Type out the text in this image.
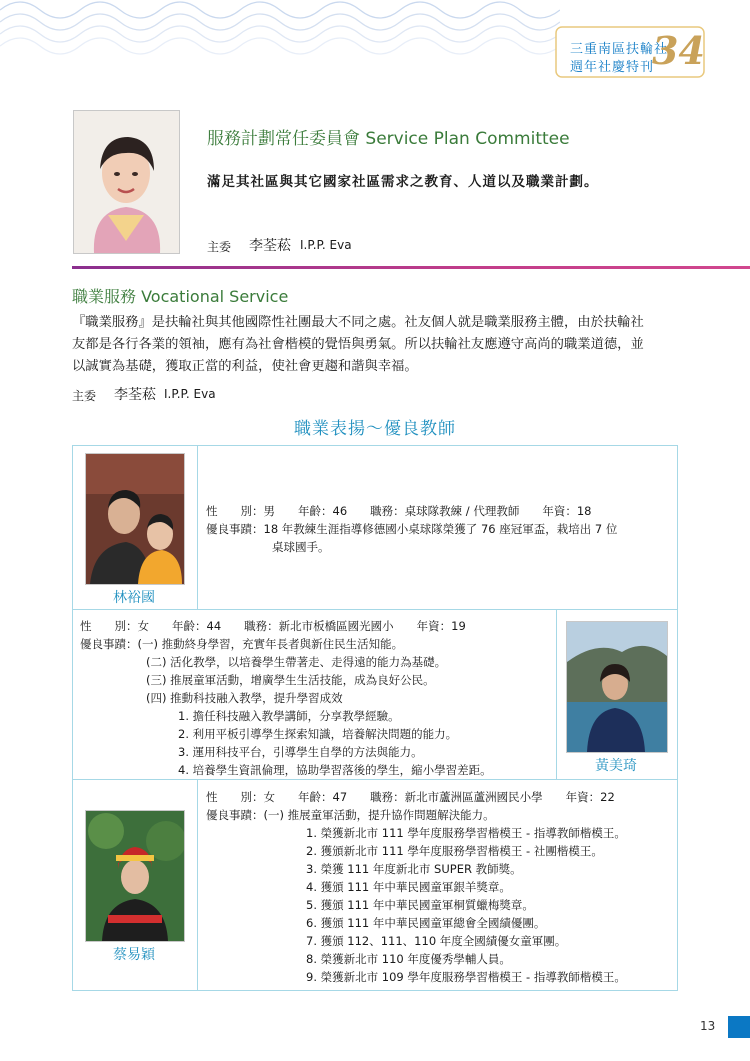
三重南區扶輪社
週年社慶特刊
34
服務計劃常任委員會 Service Plan Committee
滿足其社區與其它國家社區需求之教育、人道以及職業計劃。
主委 李荃菘 I.P.P. Eva
職業服務 Vocational Service
『職業服務』是扶輪社與其他國際性社團最大不同之處。社友個人就是職業服務主體，由於扶輪社友都是各行各業的領袖，應有為社會楷模的覺悟與勇氣。所以扶輪社友應遵守高尚的職業道德，並以誠實為基礎，獲取正當的利益，使社會更趨和諧與幸福。
主委 李荃菘 I.P.P. Eva
職業表揚～優良教師
林裕國
性　　別：男　　年齡：46　　職務：桌球隊教練 / 代理教師　　年資：18
優良事蹟：18 年教練生涯指導修德國小桌球隊榮獲了 76 座冠軍盃，栽培出 7 位
桌球國手。
性　　別：女　　年齡：44　　職務：新北市板橋區國光國小　　年資：19
優良事蹟：(一) 推動終身學習，充實年長者與新住民生活知能。
(二) 活化教學，以培養學生帶著走、走得遠的能力為基礎。
(三) 推展童軍活動，增廣學生生活技能，成為良好公民。
(四) 推動科技融入教學，提升學習成效
1. 擔任科技融入教學講師，分享教學經驗。
2. 利用平板引導學生探索知識，培養解決問題的能力。
3. 運用科技平台，引導學生自學的方法與能力。
4. 培養學生資訊倫理，協助學習落後的學生，縮小學習差距。	黃美琦
蔡易穎
性　　別：女　　年齡：47　　職務：新北市蘆洲區蘆洲國民小學　　年資：22
優良事蹟：(一) 推展童軍活動，提升協作問題解決能力。
1. 榮獲新北市 111 學年度服務學習楷模王 - 指導教師楷模王。
2. 獲頒新北市 111 學年度服務學習楷模王 - 社團楷模王。
3. 榮獲 111 年度新北市 SUPER 教師獎。
4. 獲頒 111 年中華民國童軍銀羊獎章。
5. 獲頒 111 年中華民國童軍桐質蠟梅獎章。
6. 獲頒 111 年中華民國童軍總會全國績優團。
7. 獲頒 112、111、110 年度全國績優女童軍團。
8. 榮獲新北市 110 年度優秀學輔人員。
9. 榮獲新北市 109 學年度服務學習楷模王 - 指導教師楷模王。
13
